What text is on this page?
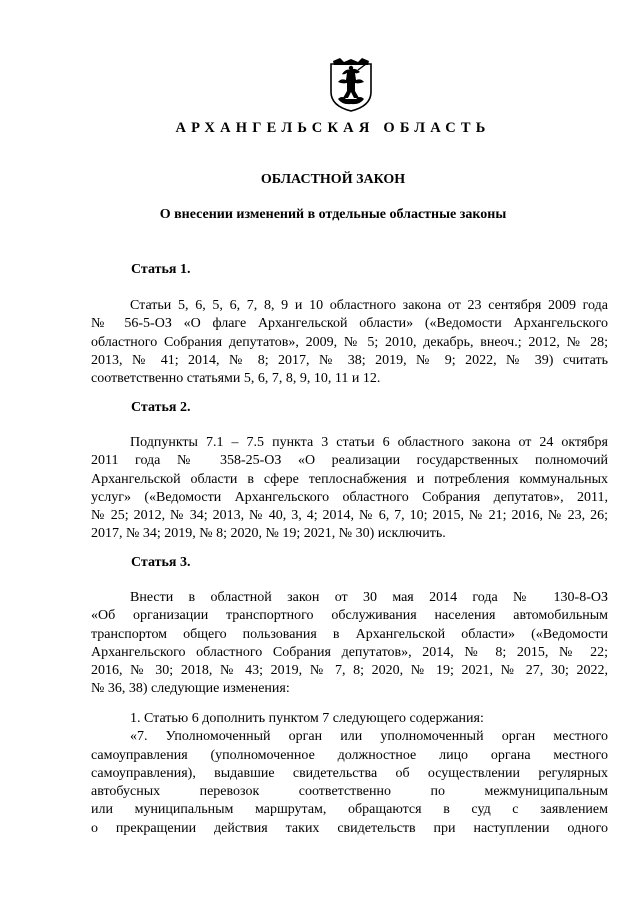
АРХАНГЕЛЬСКАЯ ОБЛАСТЬ
ОБЛАСТНОЙ ЗАКОН
О внесении изменений в отдельные областные законы
Статья 1.
Статьи 5, 6, 5, 6, 7, 8, 9 и 10 областного закона от 23 сентября 2009 года
№ 56-5-ОЗ «О флаге Архангельской области» («Ведомости Архангельского
областного Собрания депутатов», 2009, № 5; 2010, декабрь, внеоч.; 2012, № 28;
2013, № 41; 2014, № 8; 2017, № 38; 2019, № 9; 2022, № 39) считать
соответственно статьями 5, 6, 7, 8, 9, 10, 11 и 12.
Статья 2.
Подпункты 7.1 – 7.5 пункта 3 статьи 6 областного закона от 24 октября
2011 года № 358-25-ОЗ «О реализации государственных полномочий
Архангельской области в сфере теплоснабжения и потребления коммунальных
услуг» («Ведомости Архангельского областного Собрания депутатов», 2011,
№ 25; 2012, № 34; 2013, № 40, 3, 4; 2014, № 6, 7, 10; 2015, № 21; 2016, № 23, 26;
2017, № 34; 2019, № 8; 2020, № 19; 2021, № 30) исключить.
Статья 3.
Внести в областной закон от 30 мая 2014 года № 130-8-ОЗ
«Об организации транспортного обслуживания населения автомобильным
транспортом общего пользования в Архангельской области» («Ведомости
Архангельского областного Собрания депутатов», 2014, № 8; 2015, № 22;
2016, № 30; 2018, № 43; 2019, № 7, 8; 2020, № 19; 2021, № 27, 30; 2022,
№ 36, 38) следующие изменения:
1. Статью 6 дополнить пунктом 7 следующего содержания:
«7. Уполномоченный орган или уполномоченный орган местного
самоуправления (уполномоченное должностное лицо органа местного
самоуправления), выдавшие свидетельства об осуществлении регулярных
автобусных перевозок соответственно по межмуниципальным
или муниципальным маршрутам, обращаются в суд с заявлением
о прекращении действия таких свидетельств при наступлении одного
